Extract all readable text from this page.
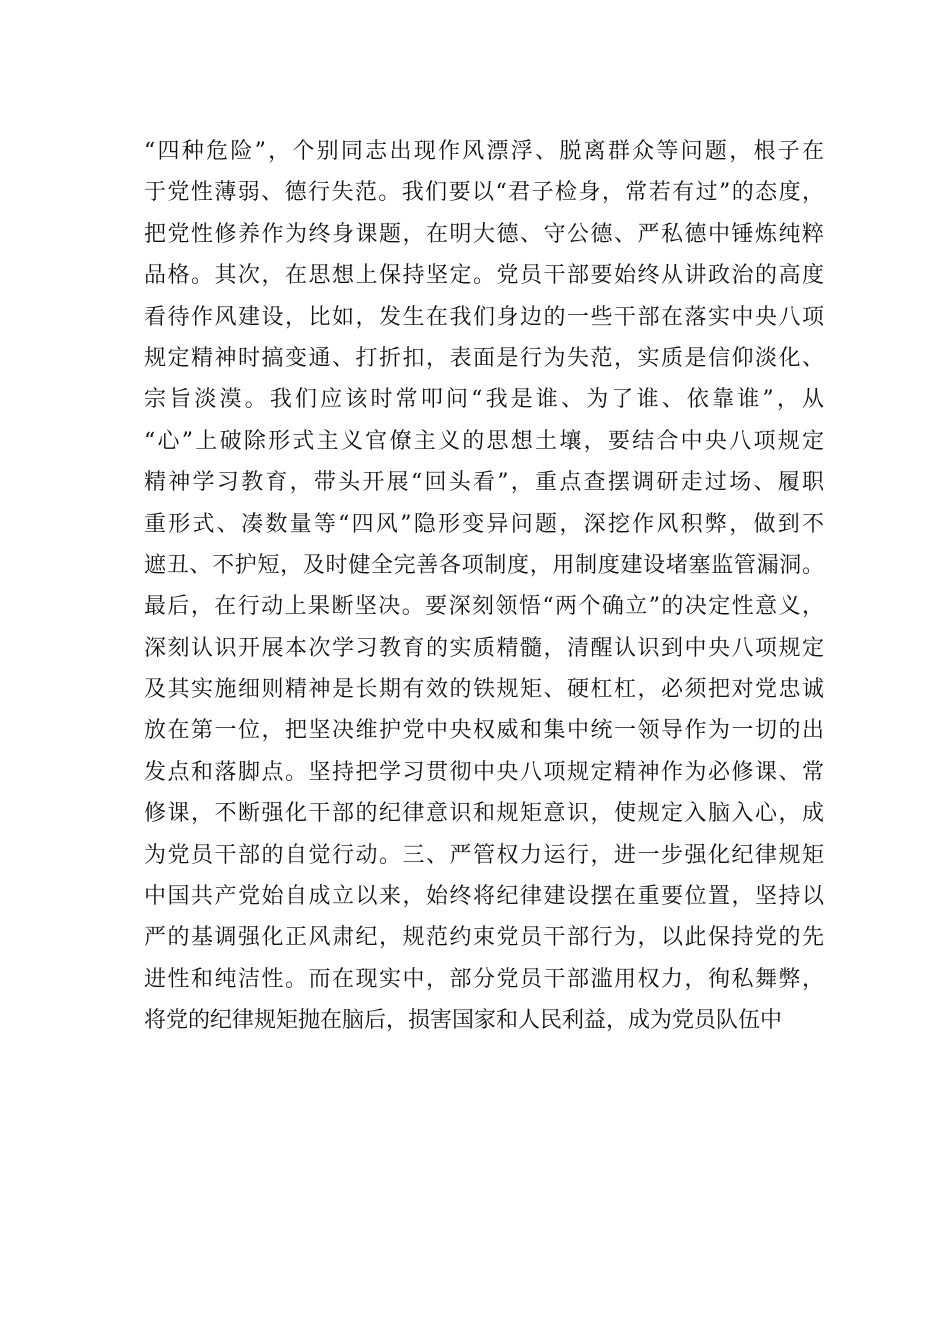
“四种危险”，个别同志出现作风漂浮、脱离群众等问题，根子在
于党性薄弱、德行失范。我们要以“君子检身，常若有过”的态度，
把党性修养作为终身课题，在明大德、守公德、严私德中锤炼纯粹
品格。其次，在思想上保持坚定。党员干部要始终从讲政治的高度
看待作风建设，比如，发生在我们身边的一些干部在落实中央八项
规定精神时搞变通、打折扣，表面是行为失范，实质是信仰淡化、
宗旨淡漠。我们应该时常叩问“我是谁、为了谁、依靠谁”，从
“心”上破除形式主义官僚主义的思想土壤，要结合中央八项规定
精神学习教育，带头开展“回头看”，重点查摆调研走过场、履职
重形式、凑数量等“四风”隐形变异问题，深挖作风积弊，做到不
遮丑、不护短，及时健全完善各项制度，用制度建设堵塞监管漏洞。
最后，在行动上果断坚决。要深刻领悟“两个确立”的决定性意义，
深刻认识开展本次学习教育的实质精髓，清醒认识到中央八项规定
及其实施细则精神是长期有效的铁规矩、硬杠杠，必须把对党忠诚
放在第一位，把坚决维护党中央权威和集中统一领导作为一切的出
发点和落脚点。坚持把学习贯彻中央八项规定精神作为必修课、常
修课，不断强化干部的纪律意识和规矩意识，使规定入脑入心，成
为党员干部的自觉行动。三、严管权力运行，进一步强化纪律规矩
中国共产党始自成立以来，始终将纪律建设摆在重要位置，坚持以
严的基调强化正风肃纪，规范约束党员干部行为，以此保持党的先
进性和纯洁性。而在现实中，部分党员干部滥用权力，徇私舞弊，
将党的纪律规矩抛在脑后，损害国家和人民利益，成为党员队伍中
